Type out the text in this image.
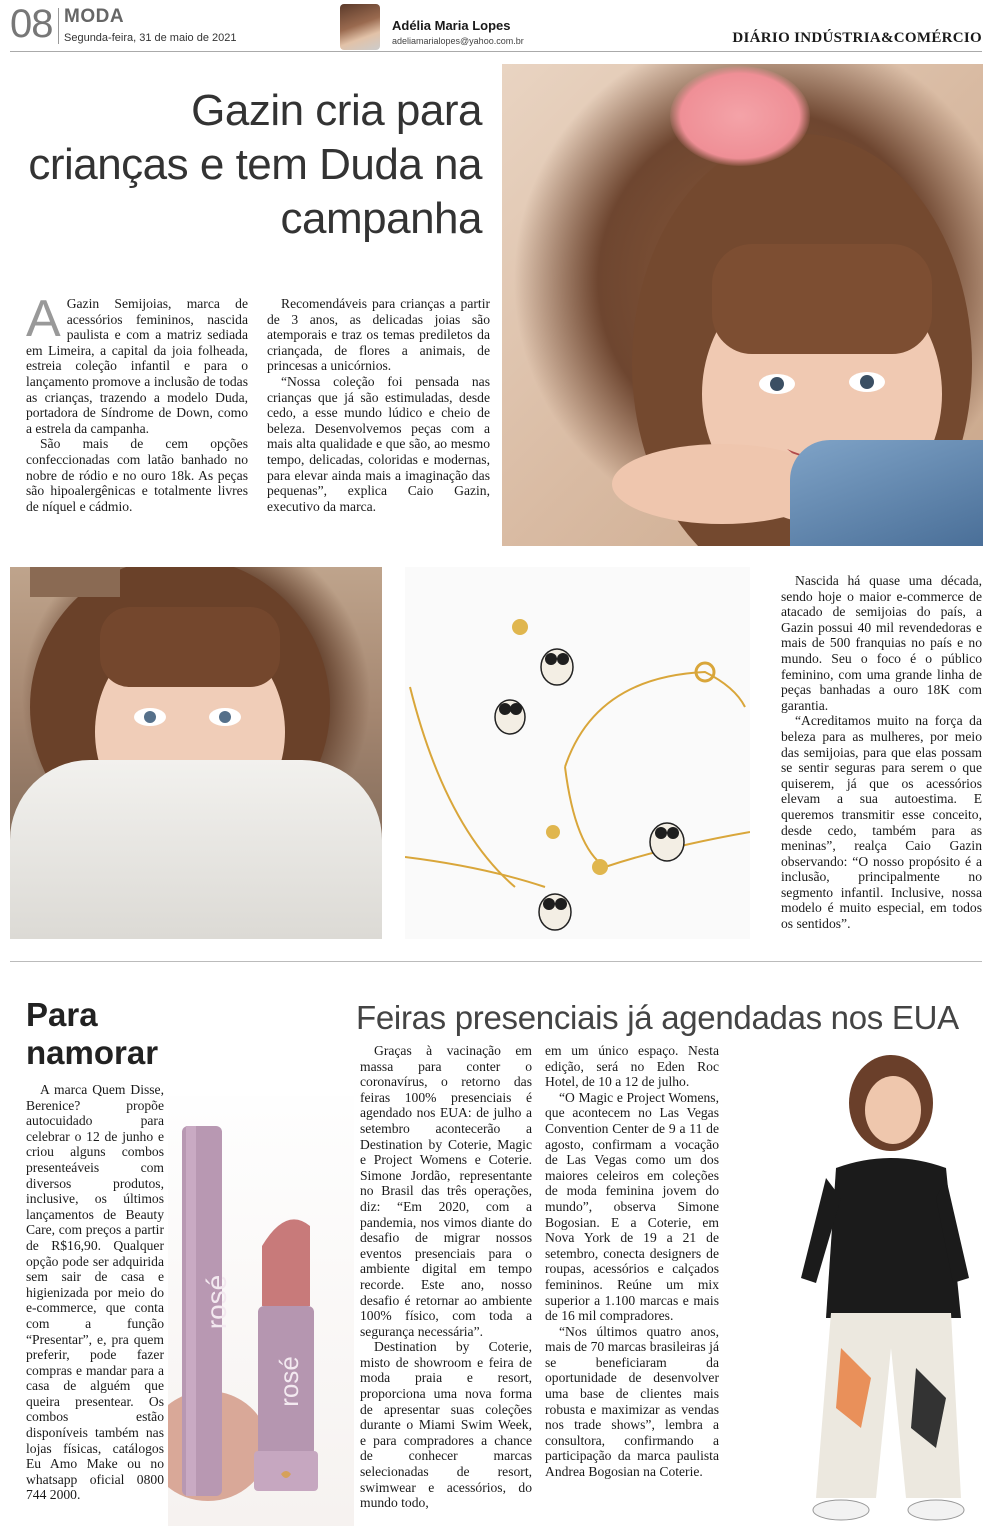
08 MODA
Segunda-feira, 31 de maio de 2021
Adélia Maria Lopes
adeliamarialopes@yahoo.com.br	DIÁRIO INDÚSTRIA&COMÉRCIO
Gazin cria para crianças e tem Duda na campanha
A Gazin Semijoias, marca de acessórios femininos, nascida paulista e com a matriz sediada em Limeira, a capital da joia folheada, estreia coleção infantil e para o lançamento promove a inclusão de todas as crianças, trazendo a modelo Duda, portadora de Síndrome de Down, como a estrela da campanha.

São mais de cem opções confeccionadas com latão banhado no nobre de ródio e no ouro 18k. As peças são hipoalergênicas e totalmente livres de níquel e cádmio.

Recomendáveis para crianças a partir de 3 anos, as delicadas joias são atemporais e traz os temas prediletos da criançada, de flores a animais, de princesas a unicórnios.

“Nossa coleção foi pensada nas crianças que já são estimuladas, desde cedo, a esse mundo lúdico e cheio de beleza. Desenvolvemos peças com a mais alta qualidade e que são, ao mesmo tempo, delicadas, coloridas e modernas, para elevar ainda mais a imaginação das pequenas”, explica Caio Gazin, executivo da marca.

Nascida há quase uma década, sendo hoje o maior e-commerce de atacado de semijoias do país, a Gazin possui 40 mil revendedoras e mais de 500 franquias no país e no mundo. Seu o foco é o público feminino, com uma grande linha de peças banhadas a ouro 18K com garantia.

“Acreditamos muito na força da beleza para as mulheres, por meio das semijoias, para que elas possam se sentir seguras para serem o que quiserem, já que os acessórios elevam a sua autoestima. E queremos transmitir esse conceito, desde cedo, também para as meninas”, realça Caio Gazin observando: “O nosso propósito é a inclusão, principalmente no segmento infantil. Inclusive, nossa modelo é muito especial, em todos os sentidos”.

Para namorar

A marca Quem Disse, Berenice? propõe autocuidado para celebrar o 12 de junho e criou alguns combos presenteáveis com diversos produtos, inclusive, os últimos lançamentos de Beauty Care, com preços a partir de R$16,90. Qualquer opção pode ser adquirida sem sair de casa e higienizada por meio do e-commerce, que conta com a função “Presentar”, e, pra quem preferir, pode fazer compras e mandar para a casa de alguém que queira presentear. Os combos estão disponíveis também nas lojas físicas, catálogos Eu Amo Make ou no whatsapp oficial 0800 744 2000.

rosé
rosé
Feiras presenciais já agendadas nos EUA

Graças à vacinação em massa para conter o coronavírus, o retorno das feiras 100% presenciais é agendado nos EUA: de julho a setembro acontecerão a Destination by Coterie, Magic e Project Womens e Coterie. Simone Jordão, representante no Brasil das três operações, diz: “Em 2020, com a pandemia, nos vimos diante do desafio de migrar nossos eventos presenciais para o ambiente digital em tempo recorde. Este ano, nosso desafio é retornar ao ambiente 100% físico, com toda a segurança necessária”.

Destination by Coterie, misto de showroom e feira de moda praia e resort, proporciona uma nova forma de apresentar suas coleções durante o Miami Swim Week, e para compradores a chance de conhecer marcas selecionadas de resort, swimwear e acessórios, do mundo todo,

em um único espaço. Nesta edição, será no Eden Roc Hotel, de 10 a 12 de julho.

“O Magic e Project Womens, que acontecem no Las Vegas Convention Center de 9 a 11 de agosto, confirmam a vocação de Las Vegas como um dos maiores celeiros em coleções de moda feminina jovem do mundo”, observa Simone Bogosian. E a Coterie, em Nova York de 19 a 21 de setembro, conecta designers de roupas, acessórios e calçados femininos. Reúne um mix superior a 1.100 marcas e mais de 16 mil compradores.

“Nos últimos quatro anos, mais de 70 marcas brasileiras já se beneficiaram da oportunidade de desenvolver uma base de clientes mais robusta e maximizar as vendas nos trade shows”, lembra a consultora, confirmando a participação da marca paulista Andrea Bogosian na Coterie.
